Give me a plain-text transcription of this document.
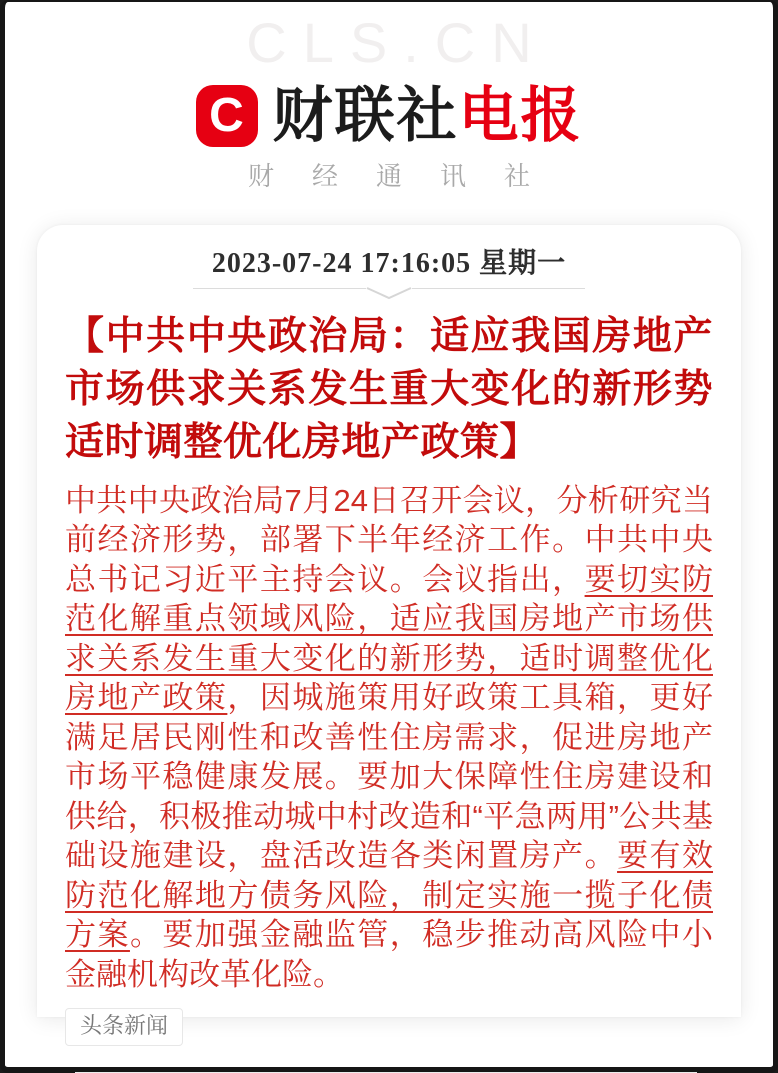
CLS.CN
C 财联社电报
财经通讯社
2023-07-24 17:16:05 星期一
【中共中央政治局：适应我国房地产市场供求关系发生重大变化的新形势 适时调整优化房地产政策】

中共中央政治局7月24日召开会议，分析研究当前经济形势，部署下半年经济工作。中共中央总书记习近平主持会议。会议指出，要切实防范化解重点领域风险，适应我国房地产市场供求关系发生重大变化的新形势，适时调整优化房地产政策，因城施策用好政策工具箱，更好满足居民刚性和改善性住房需求，促进房地产市场平稳健康发展。要加大保障性住房建设和供给，积极推动城中村改造和“平急两用”公共基础设施建设，盘活改造各类闲置房产。要有效防范化解地方债务风险，制定实施一揽子化债方案。要加强金融监管，稳步推动高风险中小金融机构改革化险。

头条新闻
